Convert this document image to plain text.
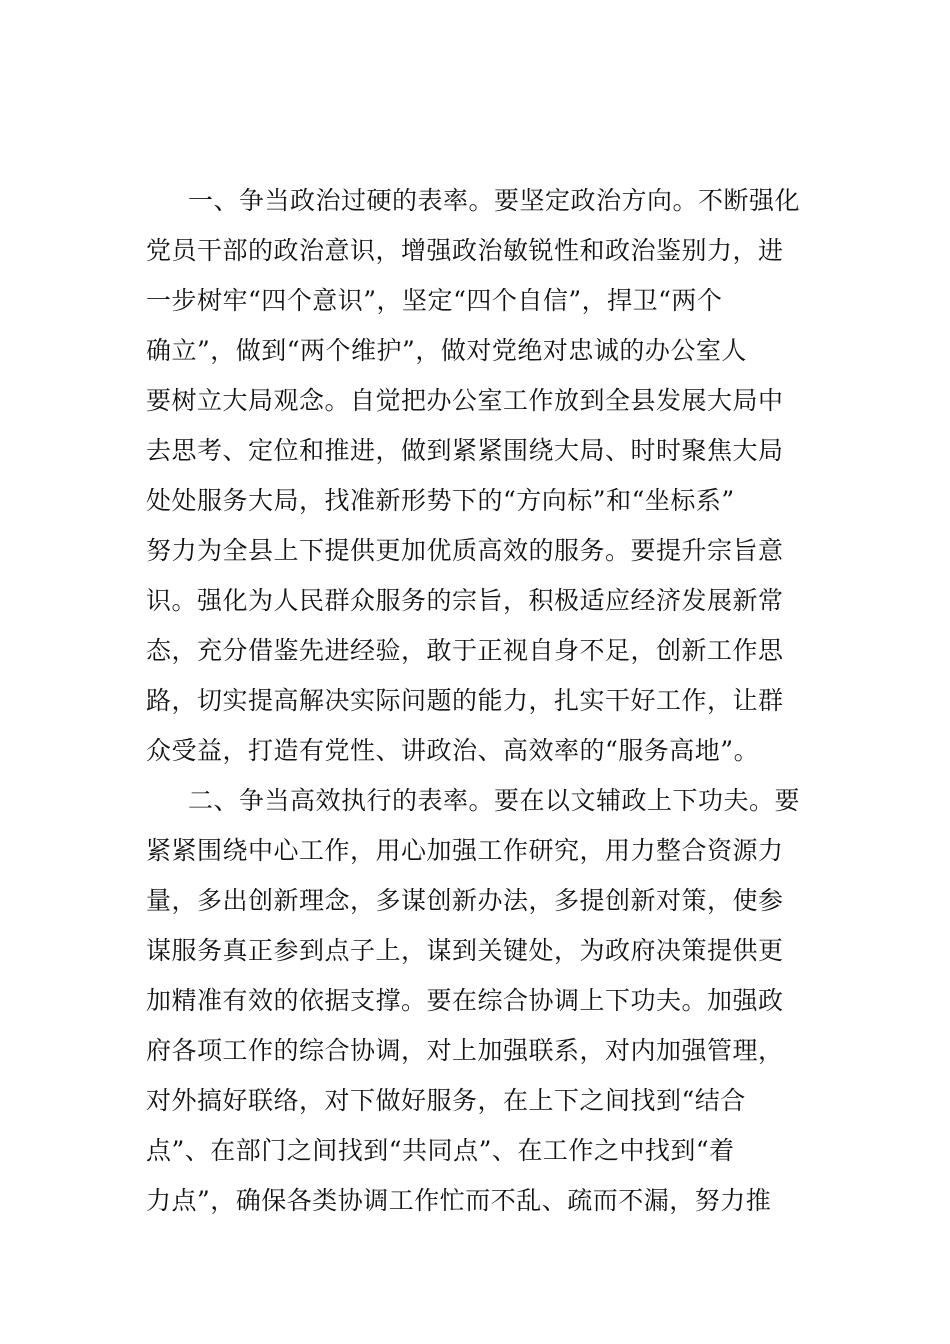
一、争当政治过硬的表率。要坚定政治方向。不断强化
党员干部的政治意识，增强政治敏锐性和政治鉴别力，进
一步树牢“四个意识”，坚定“四个自信”，捍卫“两个
确立”，做到“两个维护”，做对党绝对忠诚的办公室人
要树立大局观念。自觉把办公室工作放到全县发展大局中
去思考、定位和推进，做到紧紧围绕大局、时时聚焦大局
处处服务大局，找准新形势下的“方向标”和“坐标系”
努力为全县上下提供更加优质高效的服务。要提升宗旨意
识。强化为人民群众服务的宗旨，积极适应经济发展新常
态，充分借鉴先进经验，敢于正视自身不足，创新工作思
路，切实提高解决实际问题的能力，扎实干好工作，让群
众受益，打造有党性、讲政治、高效率的“服务高地”。
二、争当高效执行的表率。要在以文辅政上下功夫。要
紧紧围绕中心工作，用心加强工作研究，用力整合资源力
量，多出创新理念，多谋创新办法，多提创新对策，使参
谋服务真正参到点子上，谋到关键处，为政府决策提供更
加精准有效的依据支撑。要在综合协调上下功夫。加强政
府各项工作的综合协调，对上加强联系，对内加强管理，
对外搞好联络，对下做好服务，在上下之间找到“结合
点”、在部门之间找到“共同点”、在工作之中找到“着
力点”，确保各类协调工作忙而不乱、疏而不漏，努力推
